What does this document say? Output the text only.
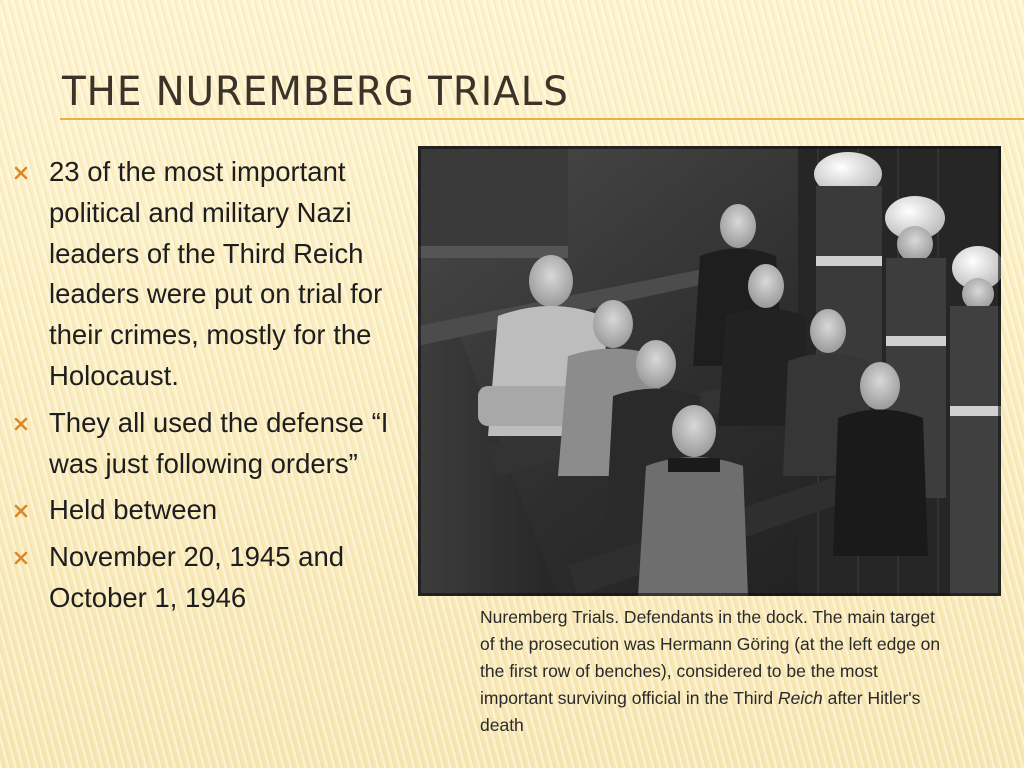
THE NUREMBERG TRIALS
23 of the most important political and military Nazi leaders of the Third Reich leaders were put on trial for their crimes, mostly for the Holocaust.
They all used the defense “I was just following orders”
Held between
November 20, 1945 and October 1, 1946

Nuremberg Trials. Defendants in the dock. The main target of the prosecution was Hermann Göring (at the left edge on the first row of benches), considered to be the most important surviving official in the Third Reich after Hitler's death
